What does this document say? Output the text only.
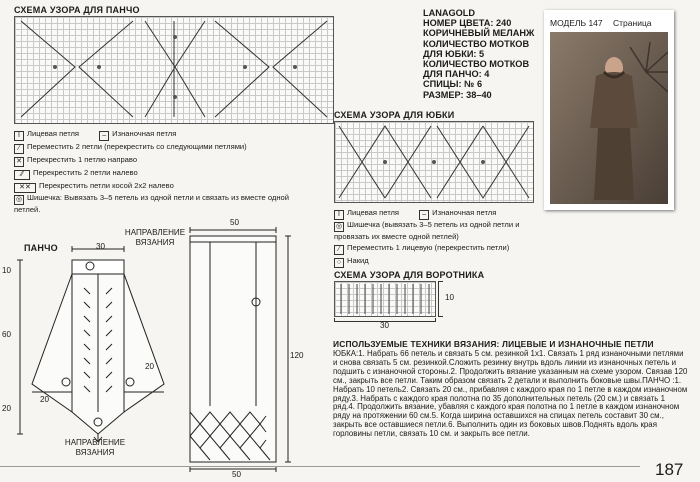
СХЕМА УЗОРА ДЛЯ ПАНЧО
I Лицевая петля	– Изнаночная петля
⁄ Переместить 2 петли (перекрестить со следующими петлями)
✕ Перекрестить 1 петлю направо
⁄⁄ Перекрестить 2 петли налево
✕✕ Перекрестить петли косой 2х2 налево
◎ Шишечка: Вывязать 3–5 петель из одной петли и связать из вместе одной петлей.
LANAGOLD
НОМЕР ЦВЕТА: 240
КОРИЧНЕВЫЙ МЕЛАНЖ
КОЛИЧЕСТВО МОТКОВ
ДЛЯ ЮБКИ: 5
КОЛИЧЕСТВО МОТКОВ
ДЛЯ ПАНЧО: 4
СПИЦЫ: № 6
РАЗМЕР: 38–40
МОДЕЛЬ 147 Страница
СХЕМА УЗОРА ДЛЯ ЮБКИ
I Лицевая петля	– Изнаночная петля
◎ Шишечка (вывязать 3–5 петель из одной петли и провязать их вместе одной петлей)
⁄ Переместить 1 лицевую (перекрестить петли)
○ Накид
СХЕМА УЗОРА ДЛЯ ВОРОТНИКА
10
30
ПАНЧО	30
10
60
20
20
20
НАПРАВЛЕНИЕ ВЯЗАНИЯ
НАПРАВЛЕНИЕ ВЯЗАНИЯ
50
120
50
ИСПОЛЬЗУЕМЫЕ ТЕХНИКИ ВЯЗАНИЯ: ЛИЦЕВЫЕ И ИЗНАНОЧНЫЕ ПЕТЛИ
ЮБКА:1. Набрать 66 петель и связать 5 см. резинкой 1х1. Связать 1 ряд изнаночными петлями и снова связать 5 см. резинкой.Сложить резинку внутрь вдоль линии из изнаночных петель и подшить с изнаночной стороны.2. Продолжить вязание указанным на схеме узором. Связав 120 см., закрыть все петли. Таким образом связать 2 детали и выполнить боковые швы.ПАНЧО :1. Набрать 10 петель2. Связать 20 см., прибавляя с каждого края по 1 петле в каждом изнаночном ряду.3. Набрать с каждого края полотна по 35 дополнительных петель (20 см.) и связать 1 ряд.4. Продолжить вязание, убавляя с каждого края полотна по 1 петле в каждом изнаночном ряду на протяжении 60 см.5. Когда ширина оставшихся на спицах петель составит 30 см., закрыть все оставшиеся петли.6. Выполнить один из боковых швов.Поднять вдоль края горловины петли, связать 10 см. и закрыть все петли.
187
